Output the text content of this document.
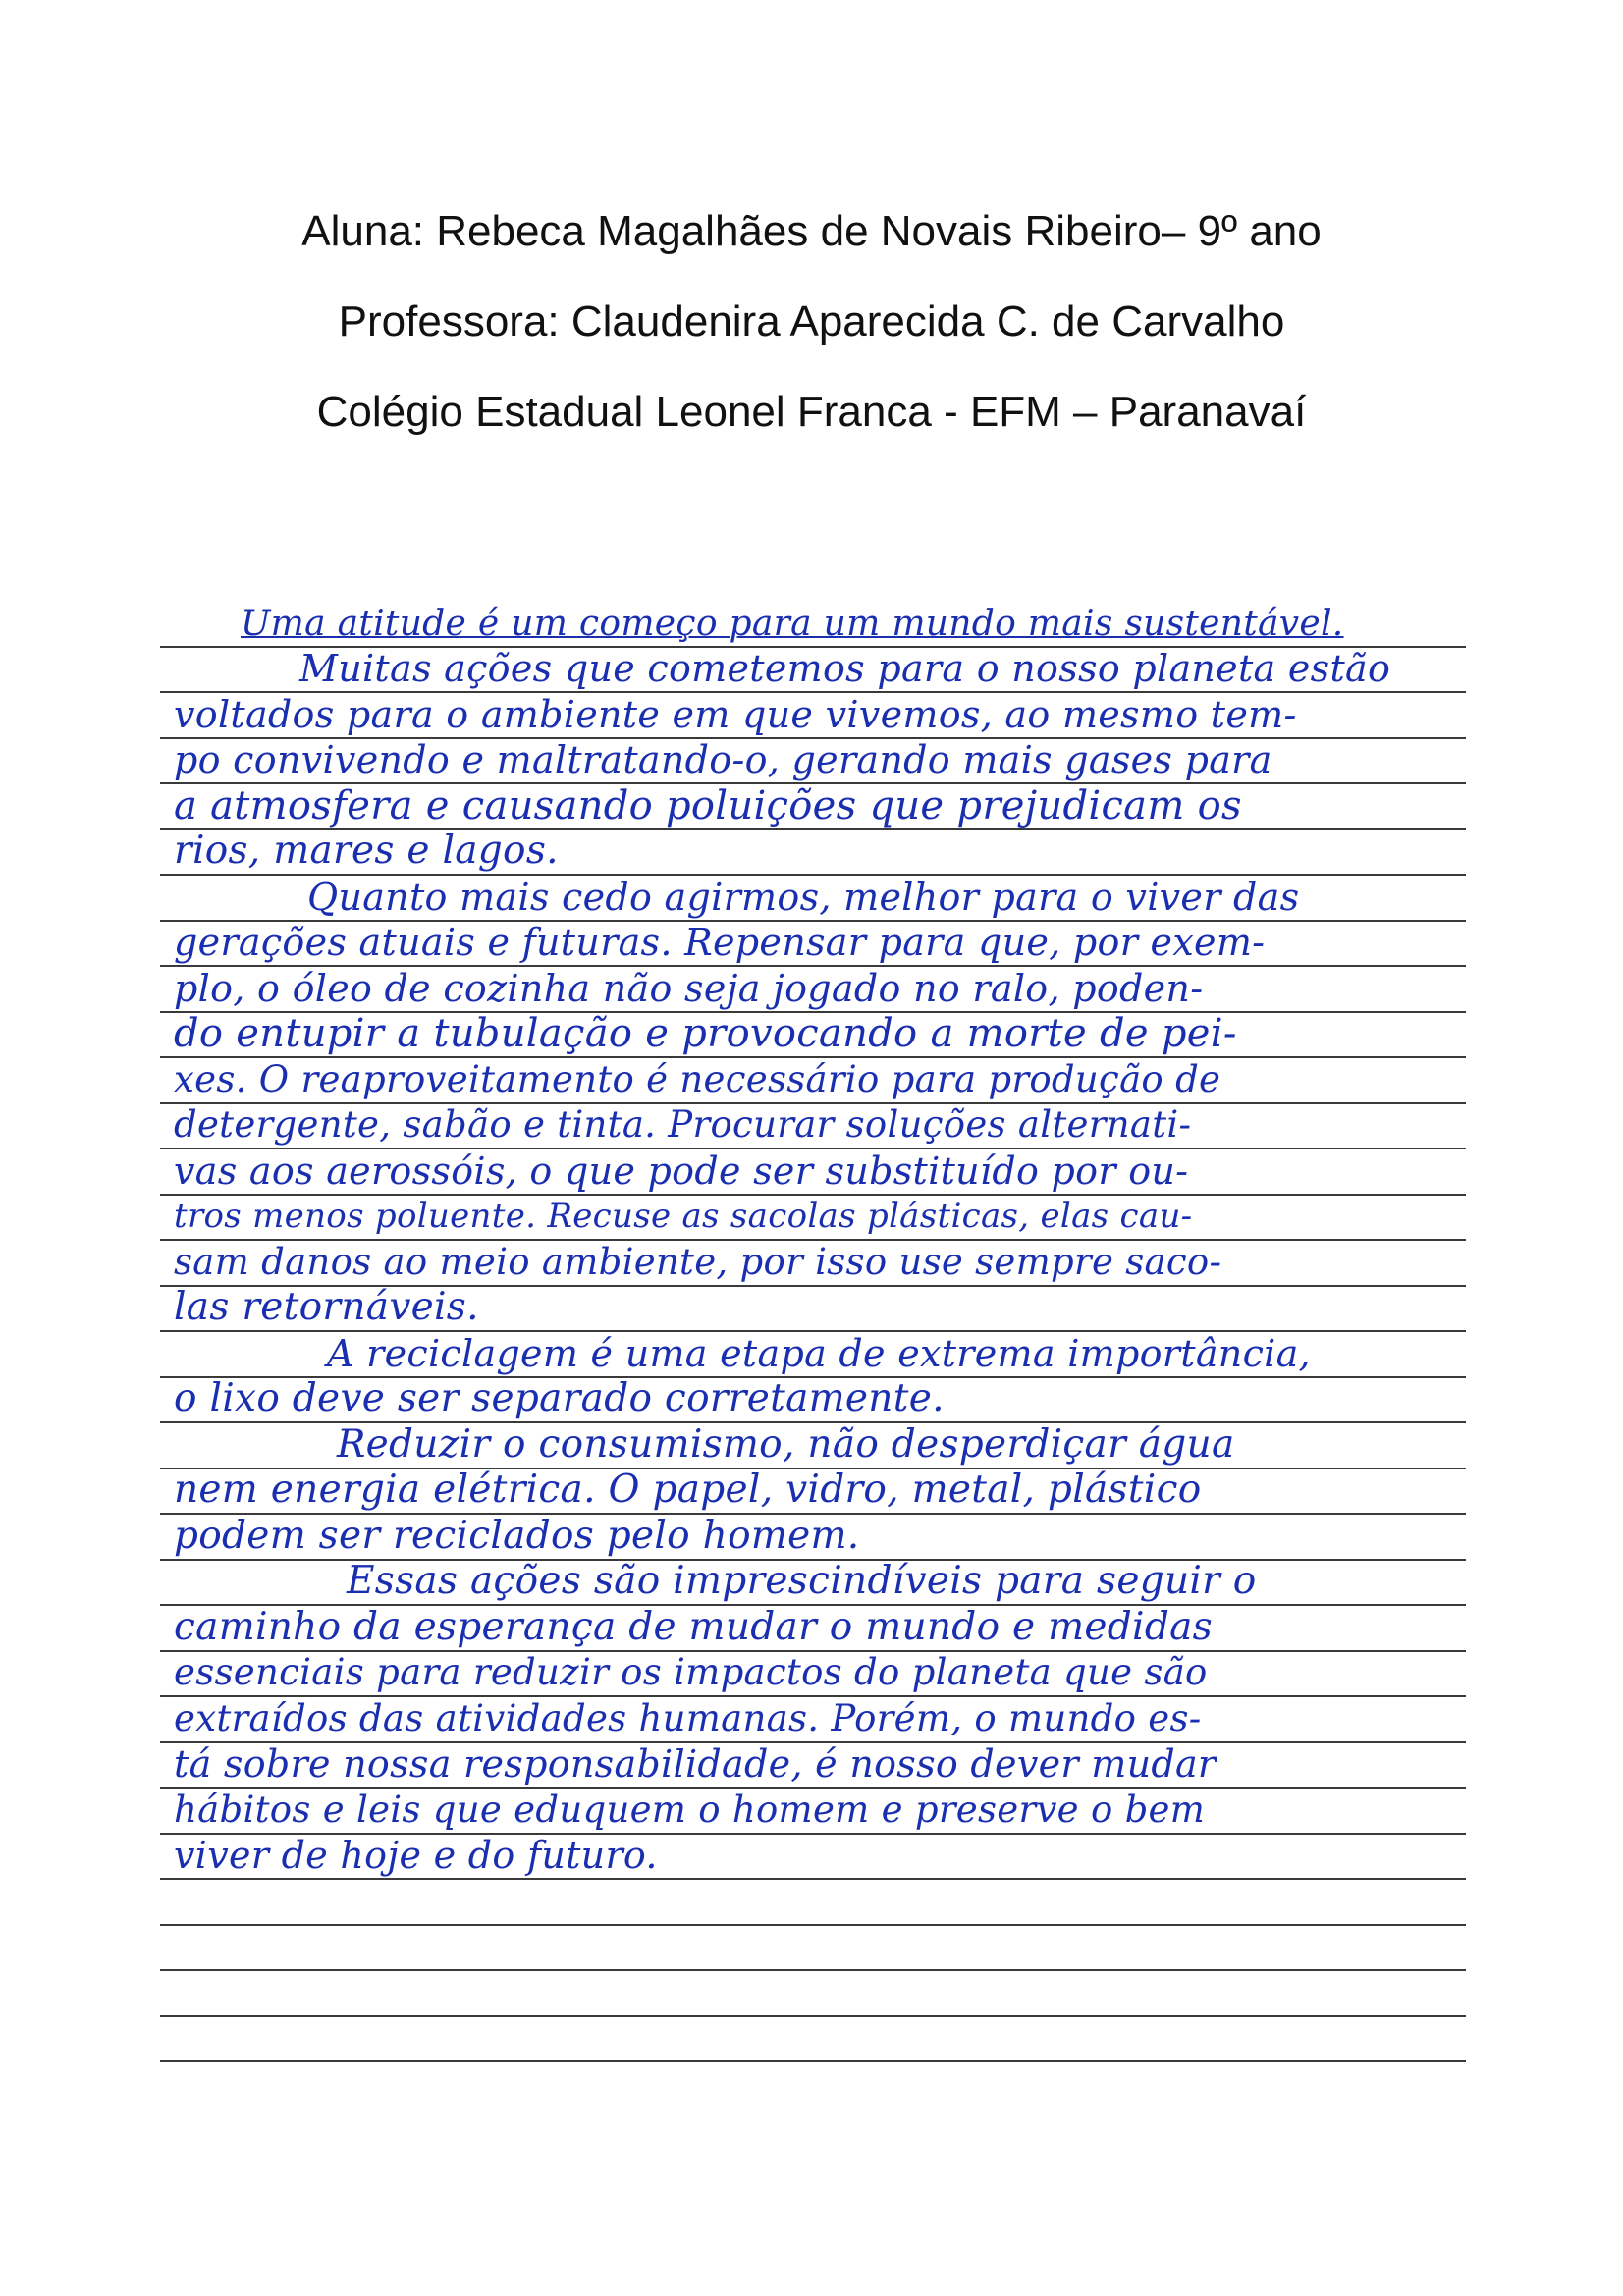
Aluna: Rebeca Magalhães de Novais Ribeiro– 9º ano
Professora: Claudenira Aparecida C. de Carvalho
Colégio Estadual Leonel Franca - EFM – Paranavaí
Uma atitude é um começo para um mundo mais sustentável.
Muitas ações que cometemos para o nosso planeta estão
voltados para o ambiente em que vivemos, ao mesmo tem-
po convivendo e maltratando-o, gerando mais gases para
a atmosfera e causando poluições que prejudicam os
rios, mares e lagos.
Quanto mais cedo agirmos, melhor para o viver das
gerações atuais e futuras. Repensar para que, por exem-
plo, o óleo de cozinha não seja jogado no ralo, poden-
do entupir a tubulação e provocando a morte de pei-
xes. O reaproveitamento é necessário para produção de
detergente, sabão e tinta. Procurar soluções alternati-
vas aos aerossóis, o que pode ser substituído por ou-
tros menos poluente. Recuse as sacolas plásticas, elas cau-
sam danos ao meio ambiente, por isso use sempre saco-
las retornáveis.
A reciclagem é uma etapa de extrema importância,
o lixo deve ser separado corretamente.
Reduzir o consumismo, não desperdiçar água
nem energia elétrica. O papel, vidro, metal, plástico
podem ser reciclados pelo homem.
Essas ações são imprescindíveis para seguir o
caminho da esperança de mudar o mundo e medidas
essenciais para reduzir os impactos do planeta que são
extraídos das atividades humanas. Porém, o mundo es-
tá sobre nossa responsabilidade, é nosso dever mudar
hábitos e leis que eduquem o homem e preserve o bem
viver de hoje e do futuro.
